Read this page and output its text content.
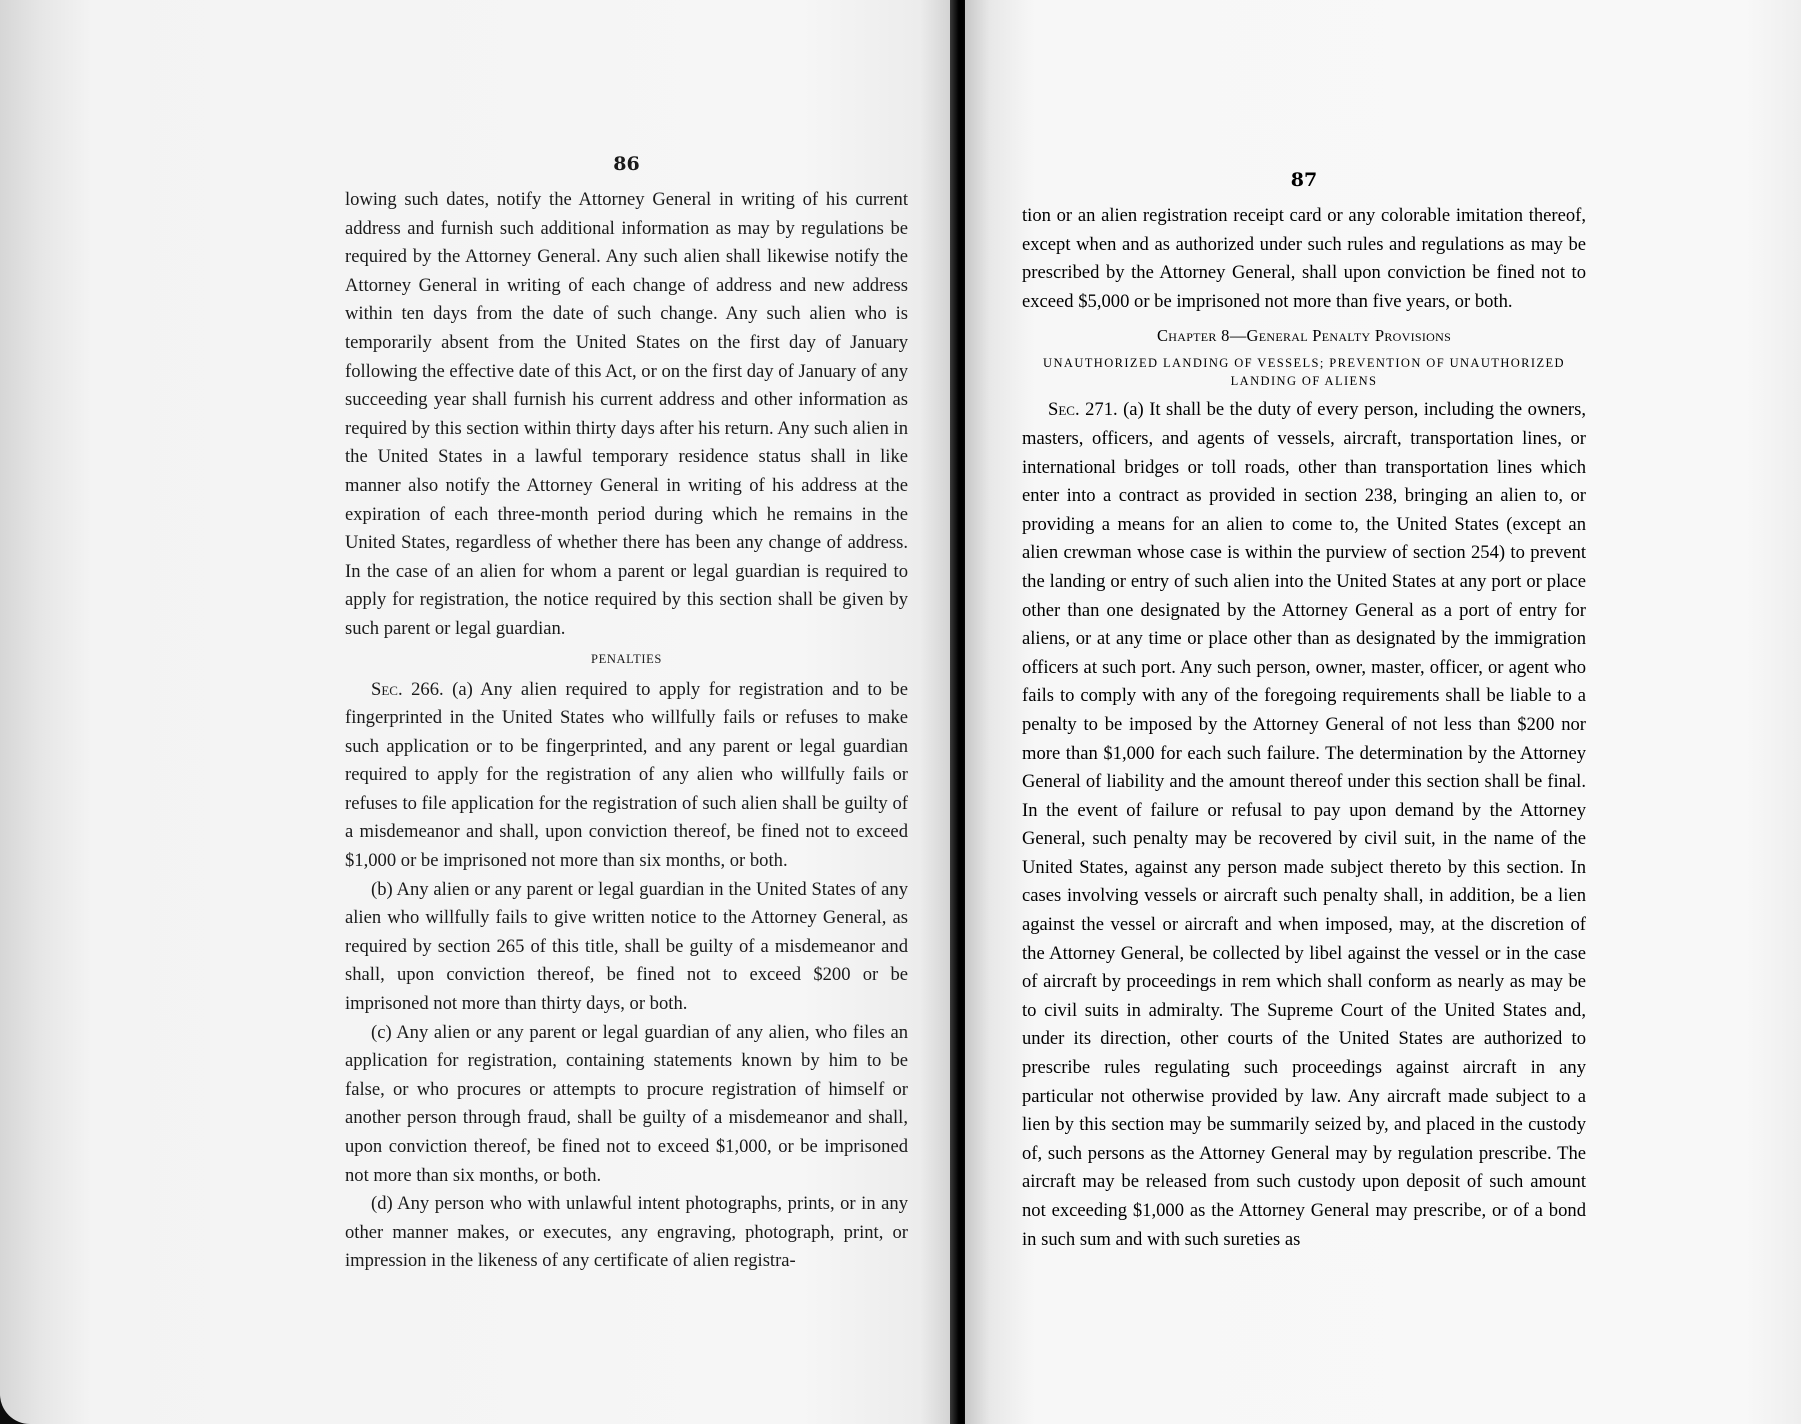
86

lowing such dates, notify the Attorney General in writing of his current address and furnish such additional information as may by regulations be required by the Attorney General. Any such alien shall likewise notify the Attorney General in writing of each change of address and new address within ten days from the date of such change. Any such alien who is temporarily absent from the United States on the first day of January following the effective date of this Act, or on the first day of January of any succeeding year shall furnish his current address and other information as required by this section within thirty days after his return. Any such alien in the United States in a lawful temporary residence status shall in like manner also notify the Attorney General in writing of his address at the expiration of each three-month period during which he remains in the United States, regardless of whether there has been any change of address. In the case of an alien for whom a parent or legal guardian is required to apply for registration, the notice required by this section shall be given by such parent or legal guardian.

PENALTIES

Sec. 266. (a) Any alien required to apply for registration and to be fingerprinted in the United States who willfully fails or refuses to make such application or to be fingerprinted, and any parent or legal guardian required to apply for the registration of any alien who willfully fails or refuses to file application for the registration of such alien shall be guilty of a misdemeanor and shall, upon conviction thereof, be fined not to exceed $1,000 or be imprisoned not more than six months, or both.

(b) Any alien or any parent or legal guardian in the United States of any alien who willfully fails to give written notice to the Attorney General, as required by section 265 of this title, shall be guilty of a misdemeanor and shall, upon conviction thereof, be fined not to exceed $200 or be imprisoned not more than thirty days, or both.

(c) Any alien or any parent or legal guardian of any alien, who files an application for registration, containing statements known by him to be false, or who procures or attempts to procure registration of himself or another person through fraud, shall be guilty of a misdemeanor and shall, upon conviction thereof, be fined not to exceed $1,000, or be imprisoned not more than six months, or both.

(d) Any person who with unlawful intent photographs, prints, or in any other manner makes, or executes, any engraving, photograph, print, or impression in the likeness of any certificate of alien registra-

87

tion or an alien registration receipt card or any colorable imitation thereof, except when and as authorized under such rules and regulations as may be prescribed by the Attorney General, shall upon conviction be fined not to exceed $5,000 or be imprisoned not more than five years, or both.

Chapter 8—General Penalty Provisions
UNAUTHORIZED LANDING OF VESSELS; PREVENTION OF UNAUTHORIZED LANDING OF ALIENS

Sec. 271. (a) It shall be the duty of every person, including the owners, masters, officers, and agents of vessels, aircraft, transportation lines, or international bridges or toll roads, other than transportation lines which enter into a contract as provided in section 238, bringing an alien to, or providing a means for an alien to come to, the United States (except an alien crewman whose case is within the purview of section 254) to prevent the landing or entry of such alien into the United States at any port or place other than one designated by the Attorney General as a port of entry for aliens, or at any time or place other than as designated by the immigration officers at such port. Any such person, owner, master, officer, or agent who fails to comply with any of the foregoing requirements shall be liable to a penalty to be imposed by the Attorney General of not less than $200 nor more than $1,000 for each such failure. The determination by the Attorney General of liability and the amount thereof under this section shall be final. In the event of failure or refusal to pay upon demand by the Attorney General, such penalty may be recovered by civil suit, in the name of the United States, against any person made subject thereto by this section. In cases involving vessels or aircraft such penalty shall, in addition, be a lien against the vessel or aircraft and when imposed, may, at the discretion of the Attorney General, be collected by libel against the vessel or in the case of aircraft by proceedings in rem which shall conform as nearly as may be to civil suits in admiralty. The Supreme Court of the United States and, under its direction, other courts of the United States are authorized to prescribe rules regulating such proceedings against aircraft in any particular not otherwise provided by law. Any aircraft made subject to a lien by this section may be summarily seized by, and placed in the custody of, such persons as the Attorney General may by regulation prescribe. The aircraft may be released from such custody upon deposit of such amount not exceeding $1,000 as the Attorney General may prescribe, or of a bond in such sum and with such sureties as
